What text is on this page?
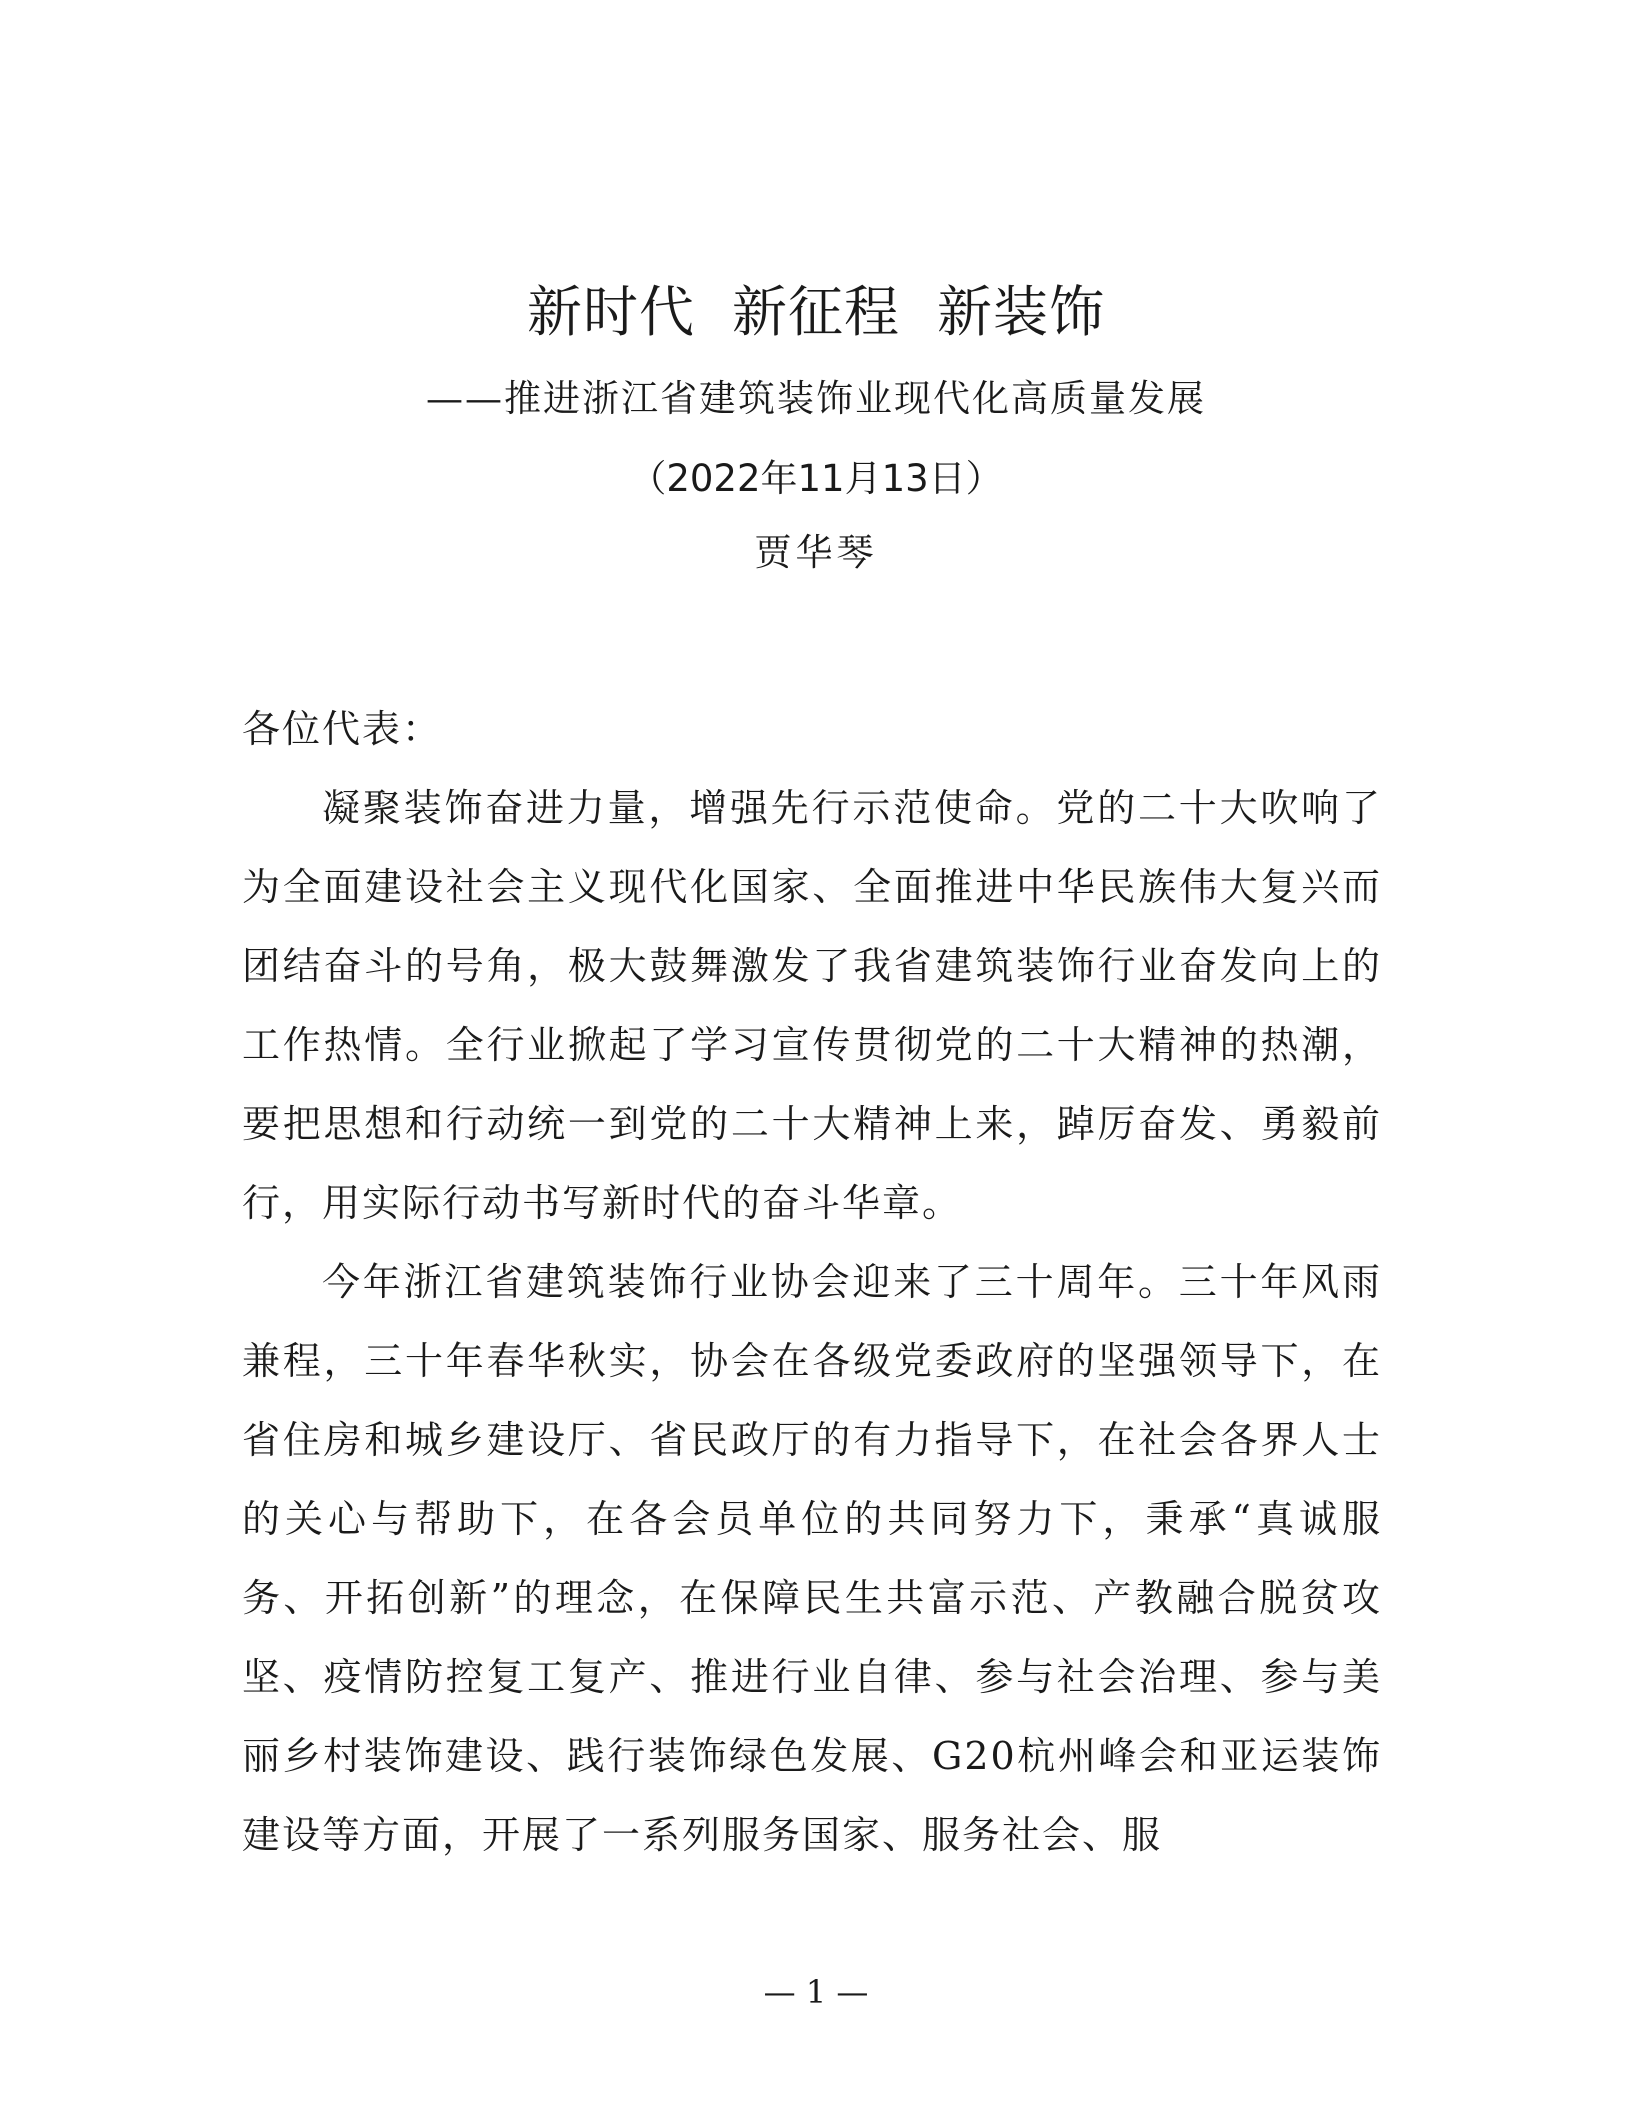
新时代  新征程  新装饰
——推进浙江省建筑装饰业现代化高质量发展
（2022年11月13日）
贾华琴

各位代表：

凝聚装饰奋进力量，增强先行示范使命。党的二十大吹响了为全面建设社会主义现代化国家、全面推进中华民族伟大复兴而团结奋斗的号角，极大鼓舞激发了我省建筑装饰行业奋发向上的工作热情。全行业掀起了学习宣传贯彻党的二十大精神的热潮，要把思想和行动统一到党的二十大精神上来，踔厉奋发、勇毅前行，用实际行动书写新时代的奋斗华章。

今年浙江省建筑装饰行业协会迎来了三十周年。三十年风雨兼程，三十年春华秋实，协会在各级党委政府的坚强领导下，在省住房和城乡建设厅、省民政厅的有力指导下，在社会各界人士的关心与帮助下，在各会员单位的共同努力下，秉承“真诚服务、开拓创新”的理念，在保障民生共富示范、产教融合脱贫攻坚、疫情防控复工复产、推进行业自律、参与社会治理、参与美丽乡村装饰建设、践行装饰绿色发展、G20杭州峰会和亚运装饰建设等方面，开展了一系列服务国家、服务社会、服

— 1 —
